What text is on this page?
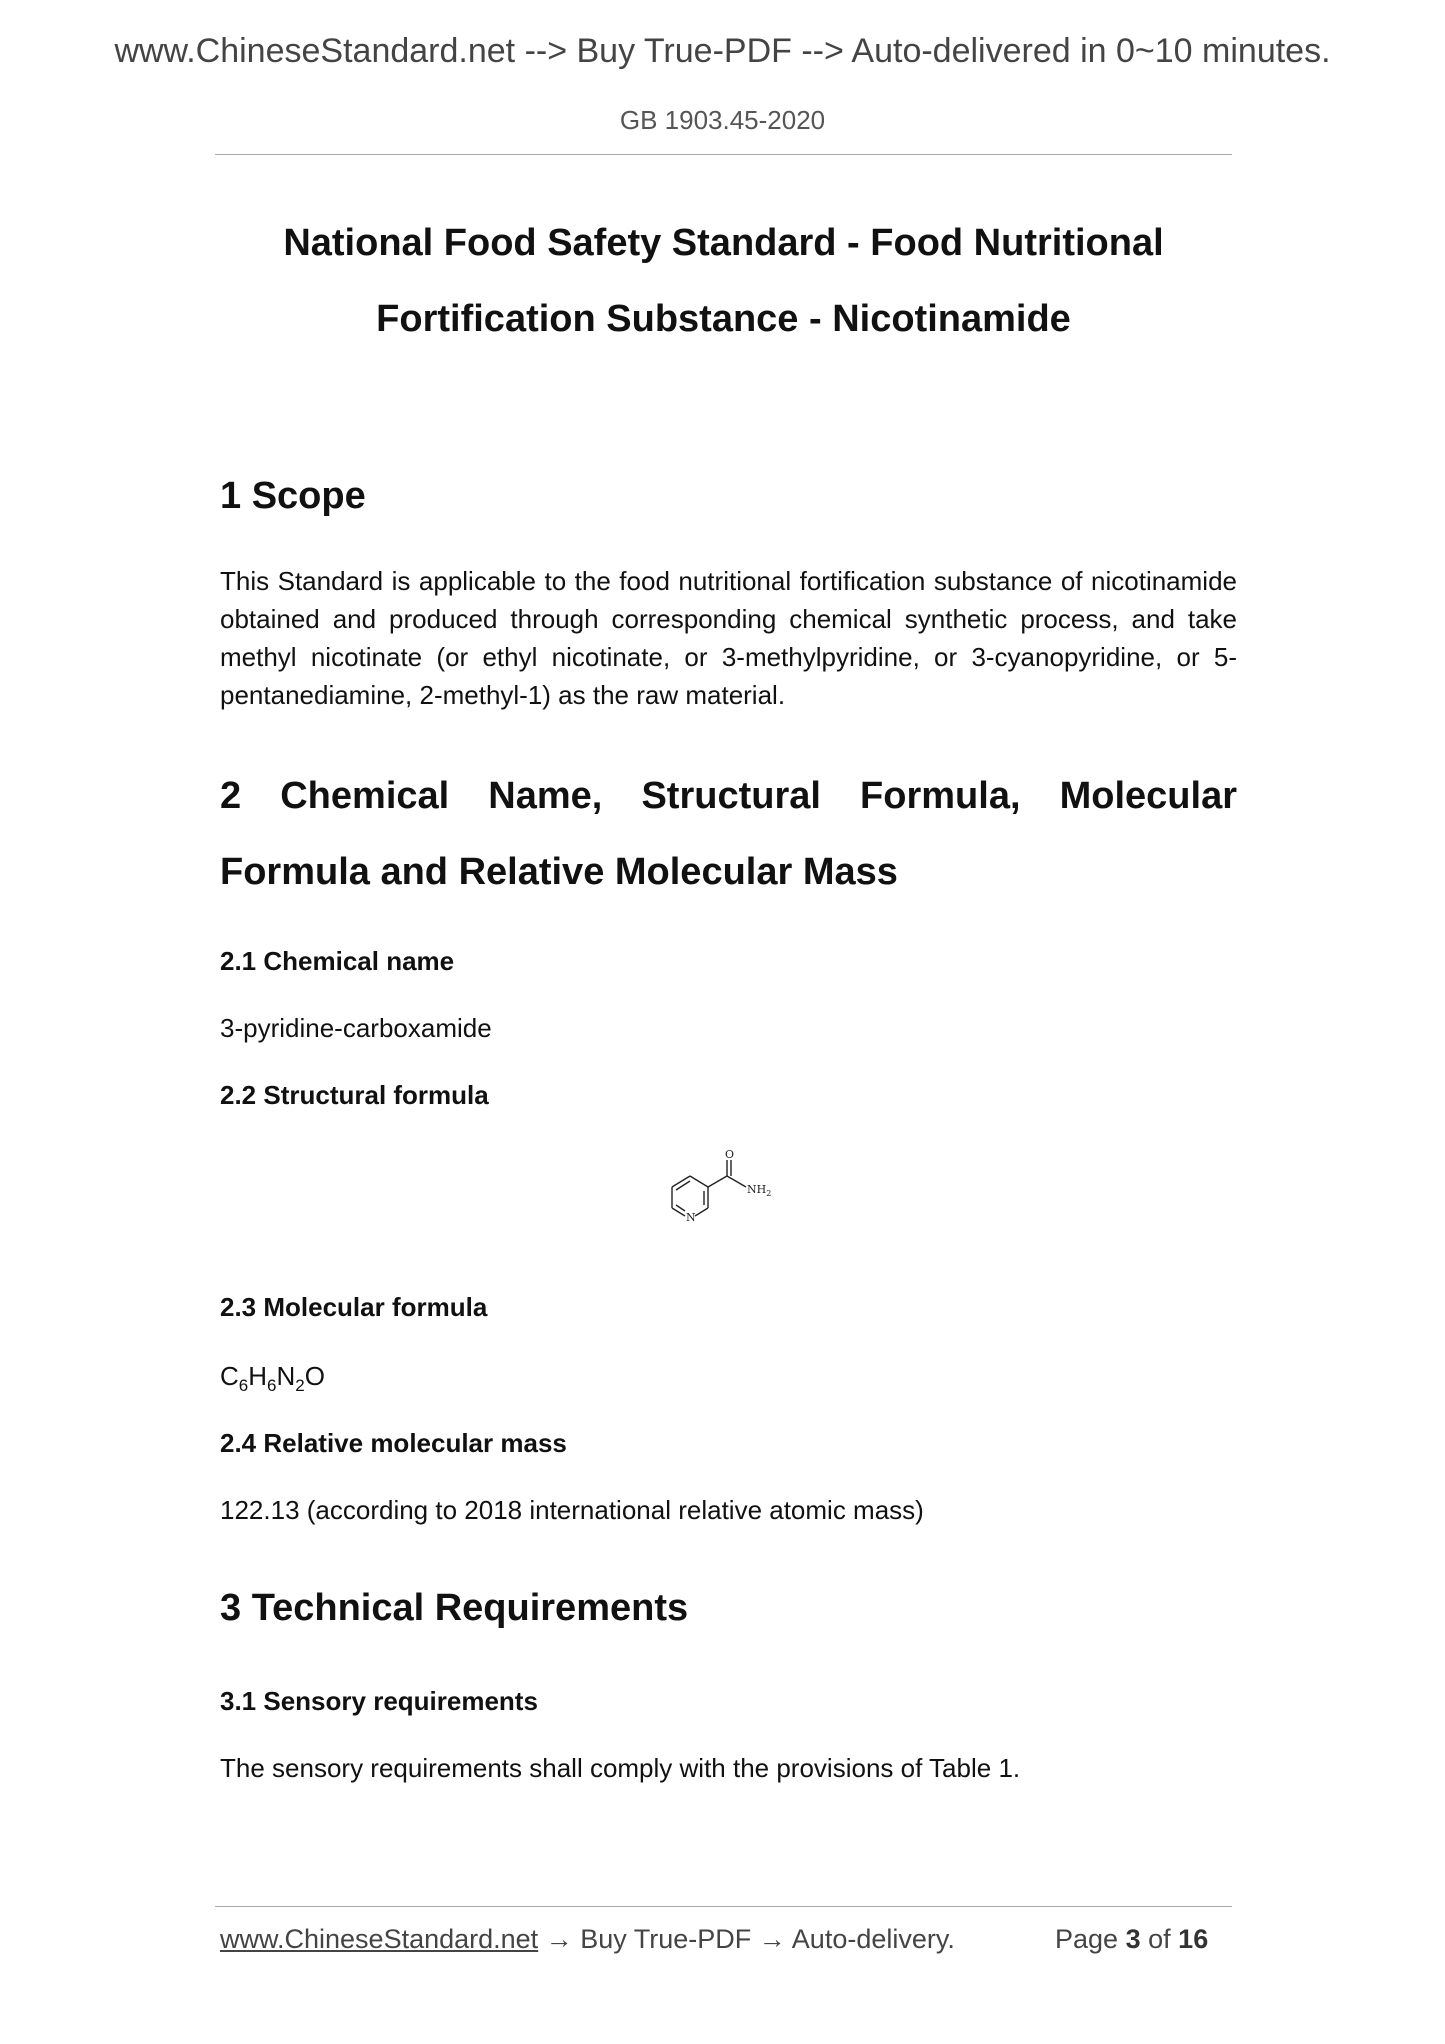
www.ChineseStandard.net --> Buy True-PDF --> Auto-delivered in 0~10 minutes.
GB 1903.45-2020
National Food Safety Standard - Food Nutritional
Fortification Substance - Nicotinamide
1 Scope

This Standard is applicable to the food nutritional fortification substance of nicotinamide obtained and produced through corresponding chemical synthetic process, and take methyl nicotinate (or ethyl nicotinate, or 3-methylpyridine, or 3-cyanopyridine, or 5-pentanediamine, 2-methyl-1) as the raw material.

2 Chemical Name, Structural Formula, Molecular Formula and Relative Molecular Mass
2.1 Chemical name

3-pyridine-carboxamide

2.2 Structural formula
O
$NH_2$
N
2.3 Molecular formula

$C_6H_6N_2O$

2.4 Relative molecular mass

122.13 (according to 2018 international relative atomic mass)

3 Technical Requirements
3.1 Sensory requirements

The sensory requirements shall comply with the provisions of Table 1.

www.ChineseStandard.net → Buy True-PDF → Auto-delivery.	Page 3 of 16
